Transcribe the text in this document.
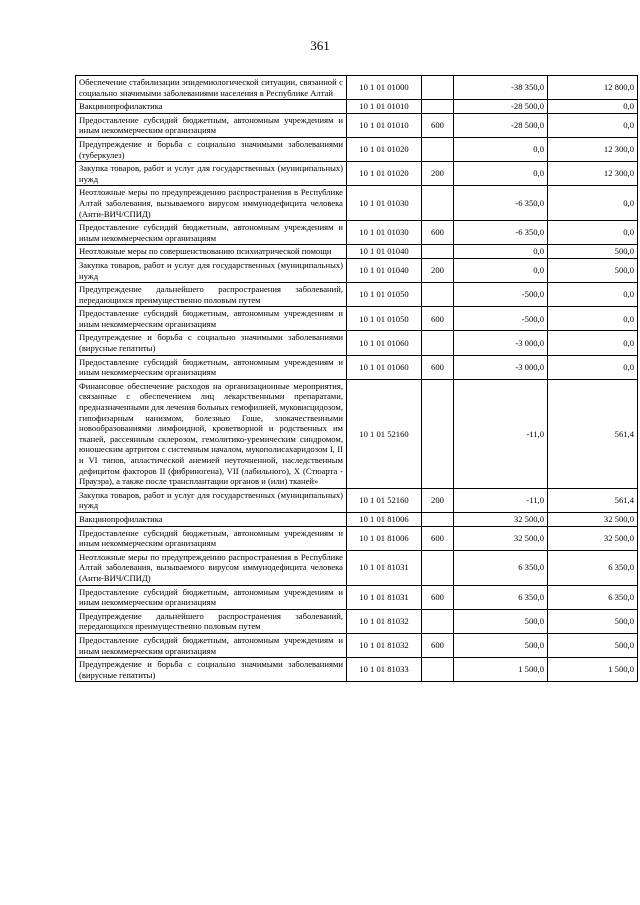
361
Обеспечение стабилизации эпидемиологической ситуации, связанной с социально значимыми заболеваниями населения в Республике Алтай	10 1 01 01000		-38 350,0	12 800,0
Вакцинопрофилактика	10 1 01 01010		-28 500,0	0,0
Предоставление субсидий бюджетным, автономным учреждениям и иным некоммерческим организациям	10 1 01 01010	600	-28 500,0	0,0
Предупреждение и борьба с социально значимыми заболеваниями (туберкулез)	10 1 01 01020		0,0	12 300,0
Закупка товаров, работ и услуг для государственных (муниципальных) нужд	10 1 01 01020	200	0,0	12 300,0
Неотложные меры по предупреждению распространения в Республике Алтай заболевания, вызываемого вирусом иммунодефицита человека (Анти-ВИЧ/СПИД)	10 1 01 01030		-6 350,0	0,0
Предоставление субсидий бюджетным, автономным учреждениям и иным некоммерческим организациям	10 1 01 01030	600	-6 350,0	0,0
Неотложные меры по совершенствованию психиатрической помощи	10 1 01 01040		0,0	500,0
Закупка товаров, работ и услуг для государственных (муниципальных) нужд	10 1 01 01040	200	0,0	500,0
Предупреждение дальнейшего распространения заболеваний, передающихся преимущественно половым путем	10 1 01 01050		-500,0	0,0
Предоставление субсидий бюджетным, автономным учреждениям и иным некоммерческим организациям	10 1 01 01050	600	-500,0	0,0
Предупреждение и борьба с социально значимыми заболеваниями (вирусные гепатиты)	10 1 01 01060		-3 000,0	0,0
Предоставление субсидий бюджетным, автономным учреждениям и иным некоммерческим организациям	10 1 01 01060	600	-3 000,0	0,0
Финансовое обеспечение расходов на организационные мероприятия, связанные с обеспечением лиц лекарственными препаратами, предназначенными для лечения больных гемофилией, муковисцидозом, гипофизарным нанизмом, болезнью Гоше, злокачественными новообразованиями лимфоидной, кроветворной и родственных им тканей, рассеянным склерозом, гемолитико-уремическим синдромом, юношеским артритом с системным началом, мукополисахаридозом I, II и VI типов, апластической анемией неуточненной, наследственным дефицитом факторов II (фибриногена), VII (лабильного), X (Стюарта - Прауэра), а также после трансплантации органов и (или) тканей»	10 1 01 52160		-11,0	561,4
Закупка товаров, работ и услуг для государственных (муниципальных) нужд	10 1 01 52160	200	-11,0	561,4
Вакцинопрофилактика	10 1 01 81006		32 500,0	32 500,0
Предоставление субсидий бюджетным, автономным учреждениям и иным некоммерческим организациям	10 1 01 81006	600	32 500,0	32 500,0
Неотложные меры по предупреждению распространения в Республике Алтай заболевания, вызываемого вирусом иммунодефицита человека (Анти-ВИЧ/СПИД)	10 1 01 81031		6 350,0	6 350,0
Предоставление субсидий бюджетным, автономным учреждениям и иным некоммерческим организациям	10 1 01 81031	600	6 350,0	6 350,0
Предупреждение дальнейшего распространения заболеваний, передающихся преимущественно половым путем	10 1 01 81032		500,0	500,0
Предоставление субсидий бюджетным, автономным учреждениям и иным некоммерческим организациям	10 1 01 81032	600	500,0	500,0
Предупреждение и борьба с социально значимыми заболеваниями (вирусные гепатиты)	10 1 01 81033		1 500,0	1 500,0
